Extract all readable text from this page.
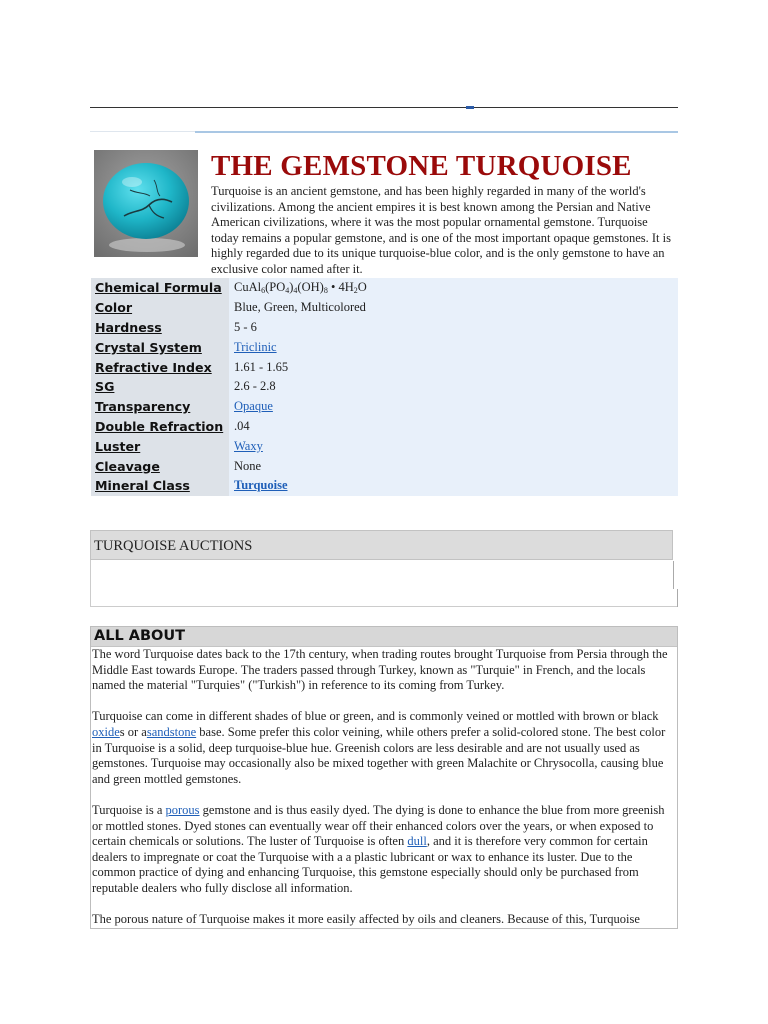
THE GEMSTONE TURQUOISE

Turquoise is an ancient gemstone, and has been highly regarded in many of the world's civilizations. Among the ancient empires it is best known among the Persian and Native American civilizations, where it was the most popular ornamental gemstone. Turquoise today remains a popular gemstone, and is one of the most important opaque gemstones. It is highly regarded due to its unique turquoise-blue color, and is the only gemstone to have an exclusive color named after it.

Chemical Formula	$CuAl_6(PO_4)_4(OH)_8$ • $4H_2O$
Color	Blue, Green, Multicolored
Hardness	5 - 6
Crystal System	Triclinic
Refractive Index	1.61 - 1.65
SG	2.6 - 2.8
Transparency	Opaque
Double Refraction	.04
Luster	Waxy
Cleavage	None
Mineral Class	Turquoise
TURQUOISE AUCTIONS
ALL ABOUT

The word Turquoise dates back to the 17th century, when trading routes brought Turquoise from Persia through the Middle East towards Europe. The traders passed through Turkey, known as "Turquie" in French, and the locals named the material "Turquies" ("Turkish") in reference to its coming from Turkey.

Turquoise can come in different shades of blue or green, and is commonly veined or mottled with brown or black oxides or asandstone base. Some prefer this color veining, while others prefer a solid-colored stone. The best color in Turquoise is a solid, deep turquoise-blue hue. Greenish colors are less desirable and are not usually used as gemstones. Turquoise may occasionally also be mixed together with green Malachite or Chrysocolla, causing blue and green mottled gemstones.

Turquoise is a porous gemstone and is thus easily dyed. The dying is done to enhance the blue from more greenish or mottled stones. Dyed stones can eventually wear off their enhanced colors over the years, or when exposed to certain chemicals or solutions. The luster of Turquoise is often dull, and it is therefore very common for certain dealers to impregnate or coat the Turquoise with a a plastic lubricant or wax to enhance its luster. Due to the common practice of dying and enhancing Turquoise, this gemstone especially should only be purchased from reputable dealers who fully disclose all information.

The porous nature of Turquoise makes it more easily affected by oils and cleaners. Because of this, Turquoise
